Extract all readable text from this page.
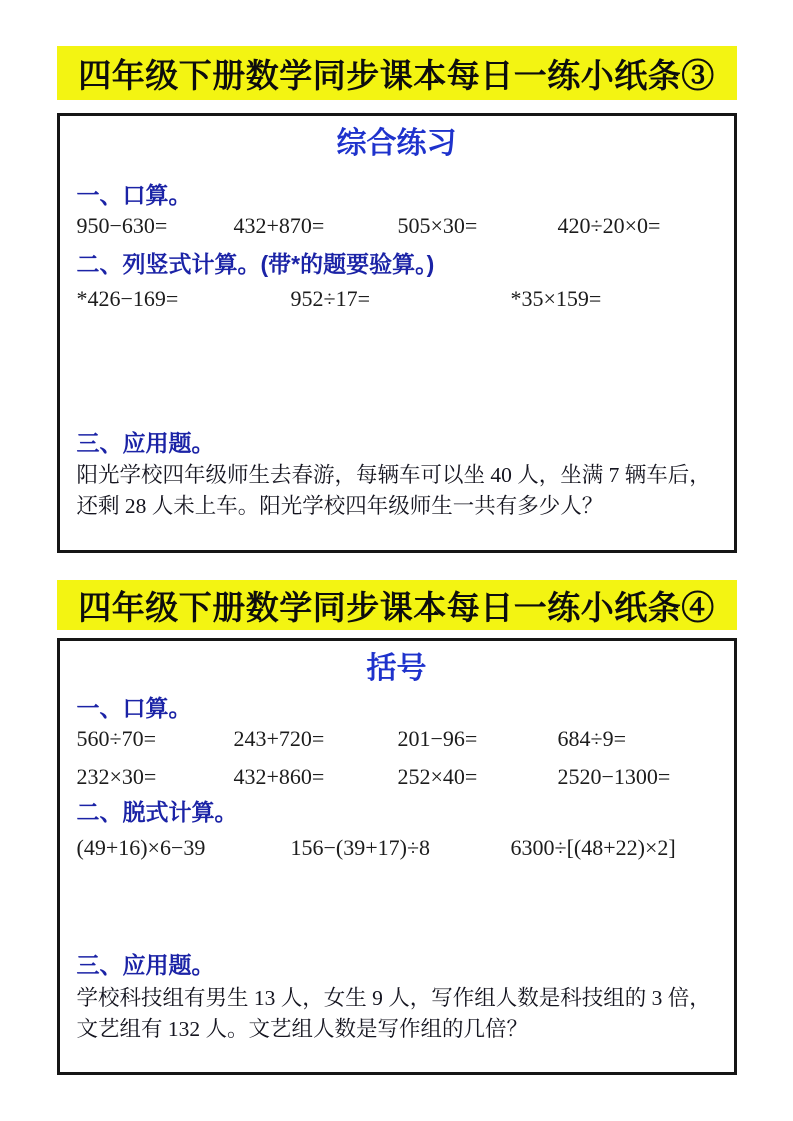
四年级下册数学同步课本每日一练小纸条③
综合练习
一、口算。
950−630=	432+870=	505×30=	420÷20×0=
二、列竖式计算。(带*的题要验算。)
*426−169=	952÷17=	*35×159=
三、应用题。
阳光学校四年级师生去春游，每辆车可以坐 40 人，坐满 7 辆车后，还剩 28 人未上车。阳光学校四年级师生一共有多少人？
四年级下册数学同步课本每日一练小纸条④
括号
一、口算。
560÷70=	243+720=	201−96=	684÷9=
232×30=	432+860=	252×40=	2520−1300=
二、脱式计算。
(49+16)×6−39	156−(39+17)÷8	6300÷[(48+22)×2]
三、应用题。
学校科技组有男生 13 人，女生 9 人，写作组人数是科技组的 3 倍，文艺组有 132 人。文艺组人数是写作组的几倍？
